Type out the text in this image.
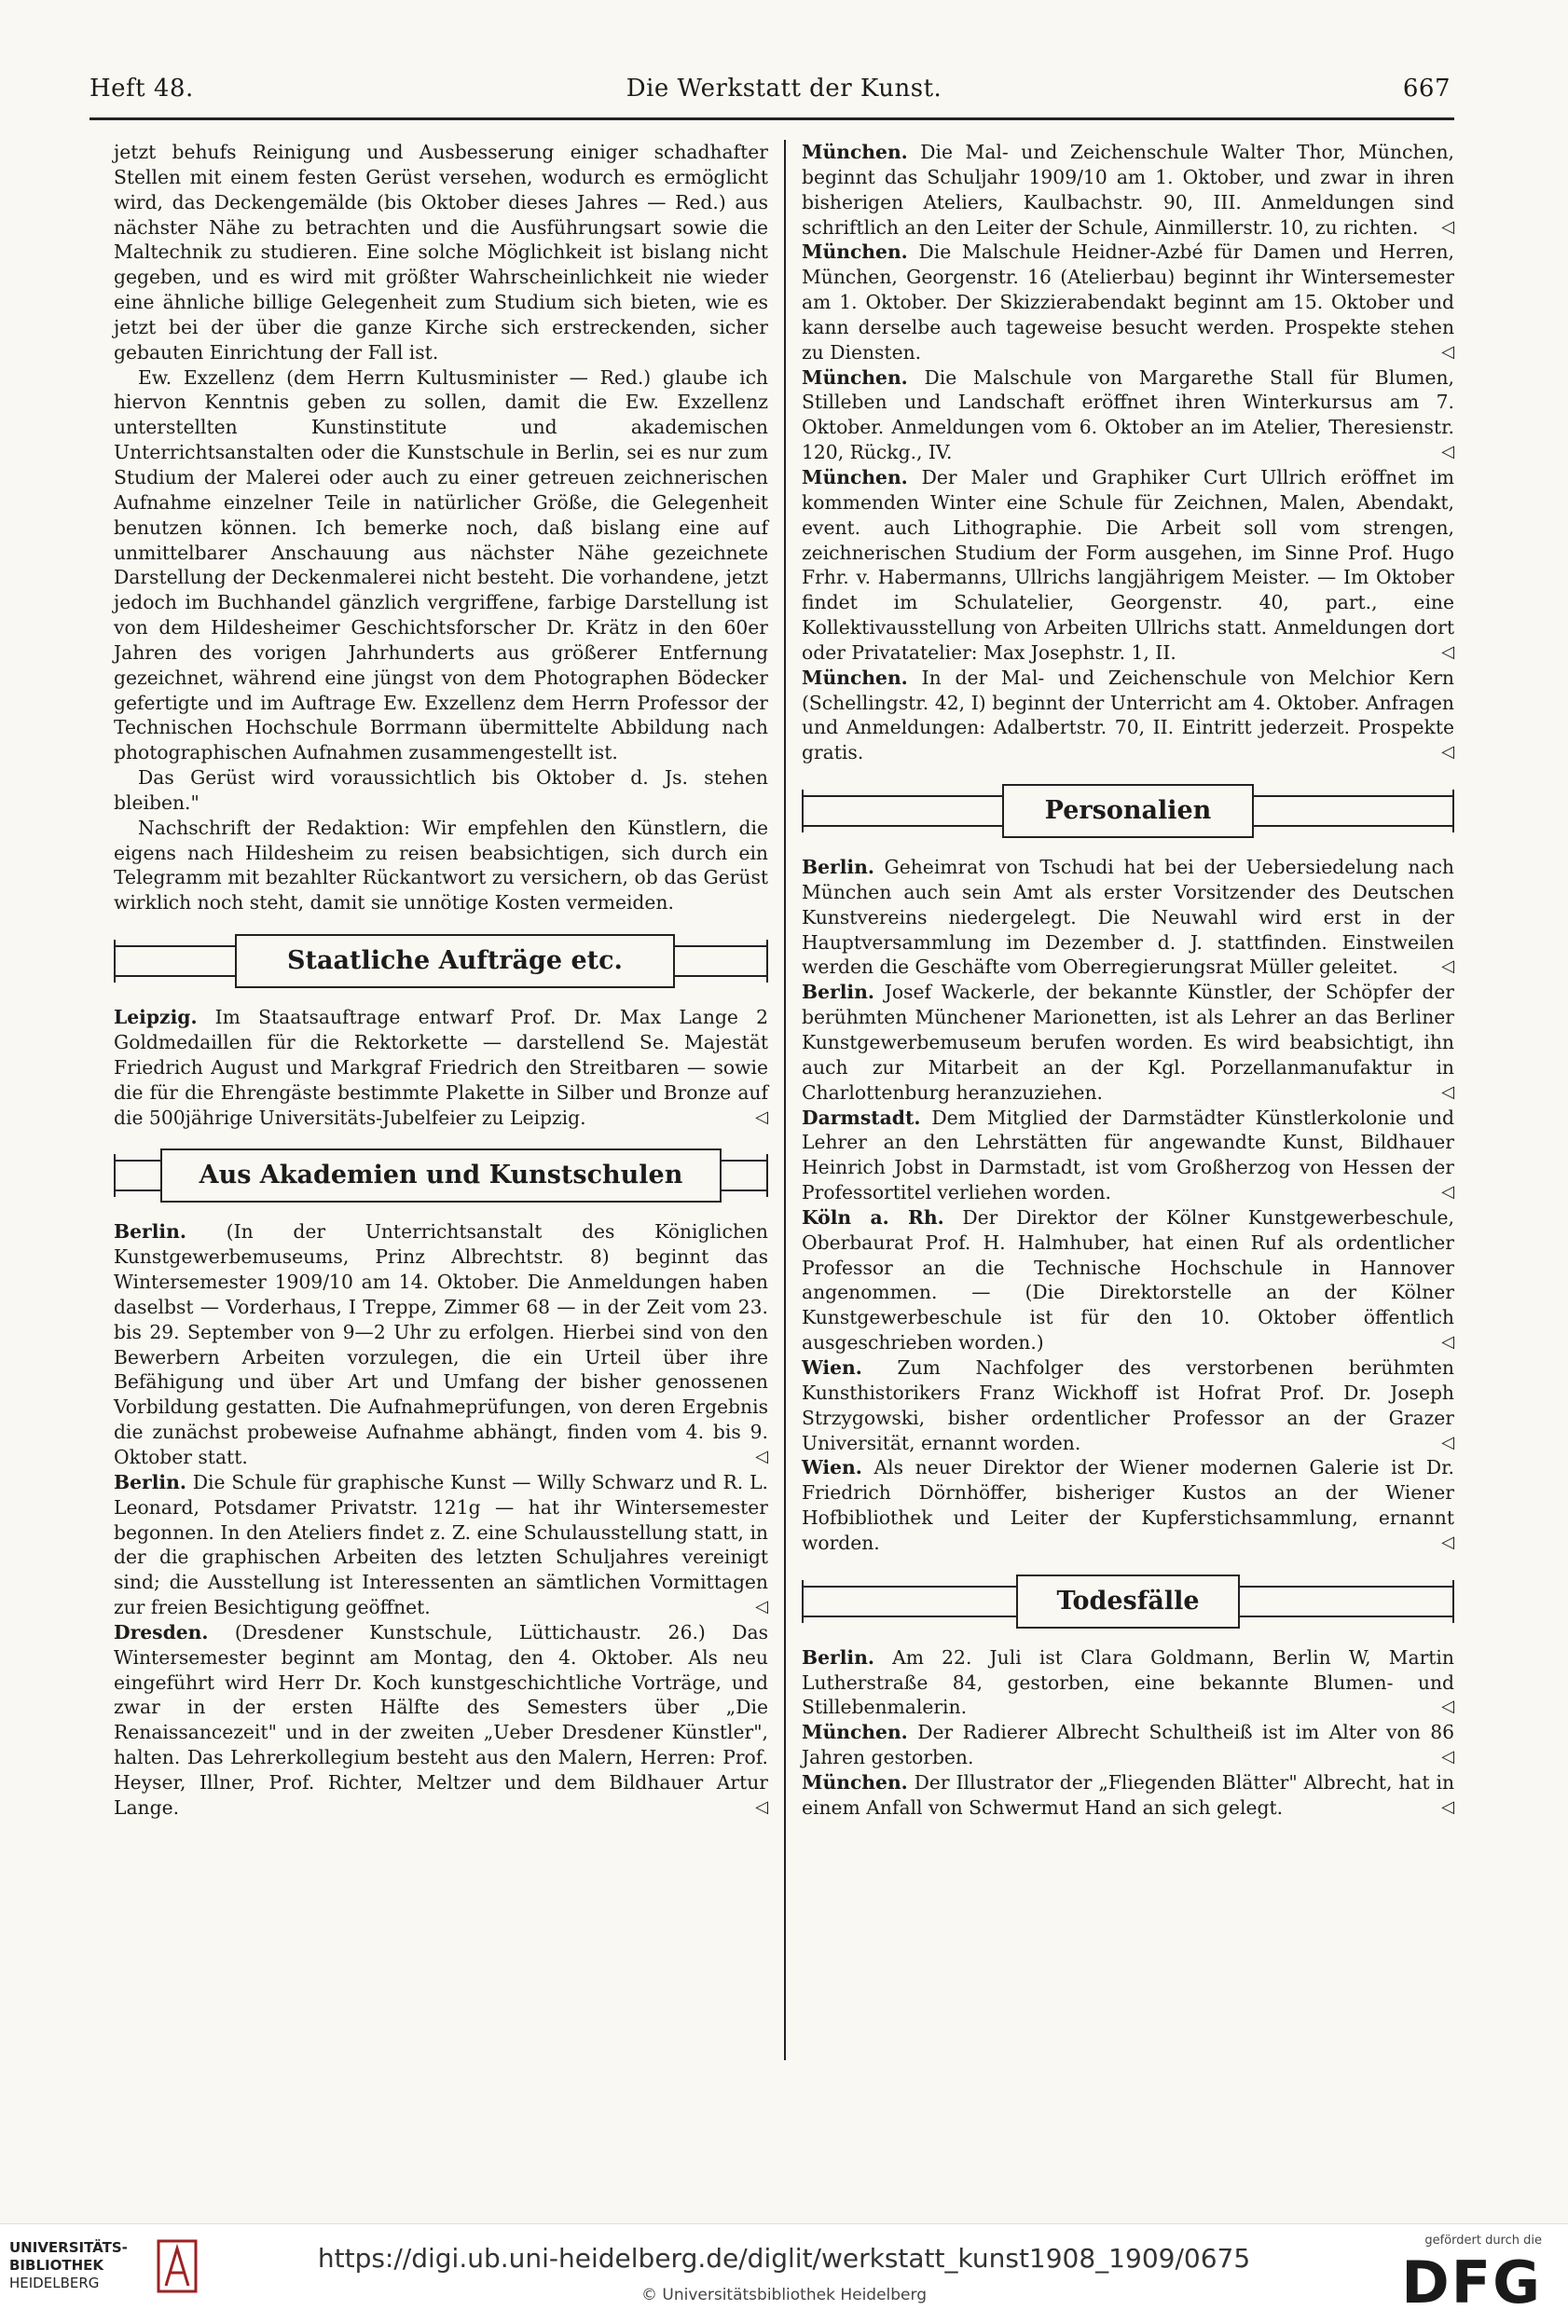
Heft 48.	Die Werkstatt der Kunst.	667

jetzt behufs Reinigung und Ausbesserung einiger schadhafter Stellen mit einem festen Gerüst versehen, wodurch es ermöglicht wird, das Deckengemälde (bis Oktober dieses Jahres — Red.) aus nächster Nähe zu betrachten und die Ausführungsart sowie die Maltechnik zu studieren. Eine solche Möglichkeit ist bislang nicht gegeben, und es wird mit größter Wahrscheinlichkeit nie wieder eine ähnliche billige Gelegenheit zum Studium sich bieten, wie es jetzt bei der über die ganze Kirche sich erstreckenden, sicher gebauten Einrichtung der Fall ist.

Ew. Exzellenz (dem Herrn Kultusminister — Red.) glaube ich hiervon Kenntnis geben zu sollen, damit die Ew. Exzellenz unterstellten Kunstinstitute und akademischen Unterrichtsanstalten oder die Kunstschule in Berlin, sei es nur zum Studium der Malerei oder auch zu einer getreuen zeichnerischen Aufnahme einzelner Teile in natürlicher Größe, die Gelegenheit benutzen können. Ich bemerke noch, daß bislang eine auf unmittelbarer Anschauung aus nächster Nähe gezeichnete Darstellung der Deckenmalerei nicht besteht. Die vorhandene, jetzt jedoch im Buchhandel gänzlich vergriffene, farbige Darstellung ist von dem Hildesheimer Geschichtsforscher Dr. Krätz in den 60er Jahren des vorigen Jahrhunderts aus größerer Entfernung gezeichnet, während eine jüngst von dem Photographen Bödecker gefertigte und im Auftrage Ew. Exzellenz dem Herrn Professor der Technischen Hochschule Borrmann übermittelte Abbildung nach photographischen Aufnahmen zusammengestellt ist.

Das Gerüst wird voraussichtlich bis Oktober d. Js. stehen bleiben."

Nachschrift der Redaktion: Wir empfehlen den Künstlern, die eigens nach Hildesheim zu reisen beabsichtigen, sich durch ein Telegramm mit bezahlter Rückantwort zu versichern, ob das Gerüst wirklich noch steht, damit sie unnötige Kosten vermeiden.

Staatliche Aufträge etc.

Leipzig. Im Staatsauftrage entwarf Prof. Dr. Max Lange 2 Goldmedaillen für die Rektorkette — darstellend Se. Majestät Friedrich August und Markgraf Friedrich den Streitbaren — sowie die für die Ehrengäste bestimmte Plakette in Silber und Bronze auf die 500jährige Universitäts-Jubelfeier zu Leipzig.	◁

Aus Akademien und Kunstschulen

Berlin. (In der Unterrichtsanstalt des Königlichen Kunstgewerbemuseums, Prinz Albrechtstr. 8) beginnt das Wintersemester 1909/10 am 14. Oktober. Die Anmeldungen haben daselbst — Vorderhaus, I Treppe, Zimmer 68 — in der Zeit vom 23. bis 29. September von 9—2 Uhr zu erfolgen. Hierbei sind von den Bewerbern Arbeiten vorzulegen, die ein Urteil über ihre Befähigung und über Art und Umfang der bisher genossenen Vorbildung gestatten. Die Aufnahmeprüfungen, von deren Ergebnis die zunächst probeweise Aufnahme abhängt, finden vom 4. bis 9. Oktober statt.	◁

Berlin. Die Schule für graphische Kunst — Willy Schwarz und R. L. Leonard, Potsdamer Privatstr. 121g — hat ihr Wintersemester begonnen. In den Ateliers findet z. Z. eine Schulausstellung statt, in der die graphischen Arbeiten des letzten Schuljahres vereinigt sind; die Ausstellung ist Interessenten an sämtlichen Vormittagen zur freien Besichtigung geöffnet.	◁

Dresden. (Dresdener Kunstschule, Lüttichaustr. 26.) Das Wintersemester beginnt am Montag, den 4. Oktober. Als neu eingeführt wird Herr Dr. Koch kunstgeschichtliche Vorträge, und zwar in der ersten Hälfte des Semesters über „Die Renaissancezeit" und in der zweiten „Ueber Dresdener Künstler", halten. Das Lehrerkollegium besteht aus den Malern, Herren: Prof. Heyser, Illner, Prof. Richter, Meltzer und dem Bildhauer Artur Lange.	◁

München. Die Mal- und Zeichenschule Walter Thor, München, beginnt das Schuljahr 1909/10 am 1. Oktober, und zwar in ihren bisherigen Ateliers, Kaulbachstr. 90, III. Anmeldungen sind schriftlich an den Leiter der Schule, Ainmillerstr. 10, zu richten. ◁

München. Die Malschule Heidner-Azbé für Damen und Herren, München, Georgenstr. 16 (Atelierbau) beginnt ihr Wintersemester am 1. Oktober. Der Skizzierabendakt beginnt am 15. Oktober und kann derselbe auch tageweise besucht werden. Prospekte stehen zu Diensten.	◁

München. Die Malschule von Margarethe Stall für Blumen, Stilleben und Landschaft eröffnet ihren Winterkursus am 7. Oktober. Anmeldungen vom 6. Oktober an im Atelier, Theresienstr. 120, Rückg., IV.	◁

München. Der Maler und Graphiker Curt Ullrich eröffnet im kommenden Winter eine Schule für Zeichnen, Malen, Abendakt, event. auch Lithographie. Die Arbeit soll vom strengen, zeichnerischen Studium der Form ausgehen, im Sinne Prof. Hugo Frhr. v. Habermanns, Ullrichs langjährigem Meister. — Im Oktober findet im Schulatelier, Georgenstr. 40, part., eine Kollektivausstellung von Arbeiten Ullrichs statt. Anmeldungen dort oder Privatatelier: Max Josephstr. 1, II.	◁

München. In der Mal- und Zeichenschule von Melchior Kern (Schellingstr. 42, I) beginnt der Unterricht am 4. Oktober. Anfragen und Anmeldungen: Adalbertstr. 70, II. Eintritt jederzeit. Prospekte gratis.	◁

Personalien

Berlin. Geheimrat von Tschudi hat bei der Uebersiedelung nach München auch sein Amt als erster Vorsitzender des Deutschen Kunstvereins niedergelegt. Die Neuwahl wird erst in der Hauptversammlung im Dezember d. J. stattfinden. Einstweilen werden die Geschäfte vom Oberregierungsrat Müller geleitet.	◁

Berlin. Josef Wackerle, der bekannte Künstler, der Schöpfer der berühmten Münchener Marionetten, ist als Lehrer an das Berliner Kunstgewerbemuseum berufen worden. Es wird beabsichtigt, ihn auch zur Mitarbeit an der Kgl. Porzellanmanufaktur in Charlottenburg heranzuziehen.	◁

Darmstadt. Dem Mitglied der Darmstädter Künstlerkolonie und Lehrer an den Lehrstätten für angewandte Kunst, Bildhauer Heinrich Jobst in Darmstadt, ist vom Großherzog von Hessen der Professortitel verliehen worden.	◁

Köln a. Rh. Der Direktor der Kölner Kunstgewerbeschule, Oberbaurat Prof. H. Halmhuber, hat einen Ruf als ordentlicher Professor an die Technische Hochschule in Hannover angenommen. — (Die Direktorstelle an der Kölner Kunstgewerbeschule ist für den 10. Oktober öffentlich ausgeschrieben worden.)	◁

Wien. Zum Nachfolger des verstorbenen berühmten Kunsthistorikers Franz Wickhoff ist Hofrat Prof. Dr. Joseph Strzygowski, bisher ordentlicher Professor an der Grazer Universität, ernannt worden.	◁

Wien. Als neuer Direktor der Wiener modernen Galerie ist Dr. Friedrich Dörnhöffer, bisheriger Kustos an der Wiener Hofbibliothek und Leiter der Kupferstichsammlung, ernannt worden.	◁

Todesfälle

Berlin. Am 22. Juli ist Clara Goldmann, Berlin W, Martin Lutherstraße 84, gestorben, eine bekannte Blumen- und Stillebenmalerin.	◁

München. Der Radierer Albrecht Schultheiß ist im Alter von 86 Jahren gestorben.	◁

München. Der Illustrator der „Fliegenden Blätter" Albrecht, hat in einem Anfall von Schwermut Hand an sich gelegt.	◁

UNIVERSITÄTS-
BIBLIOTHEK
HEIDELBERG
https://digi.ub.uni-heidelberg.de/diglit/werkstatt_kunst1908_1909/0675
© Universitätsbibliothek Heidelberg
gefördert durch die
DFG
